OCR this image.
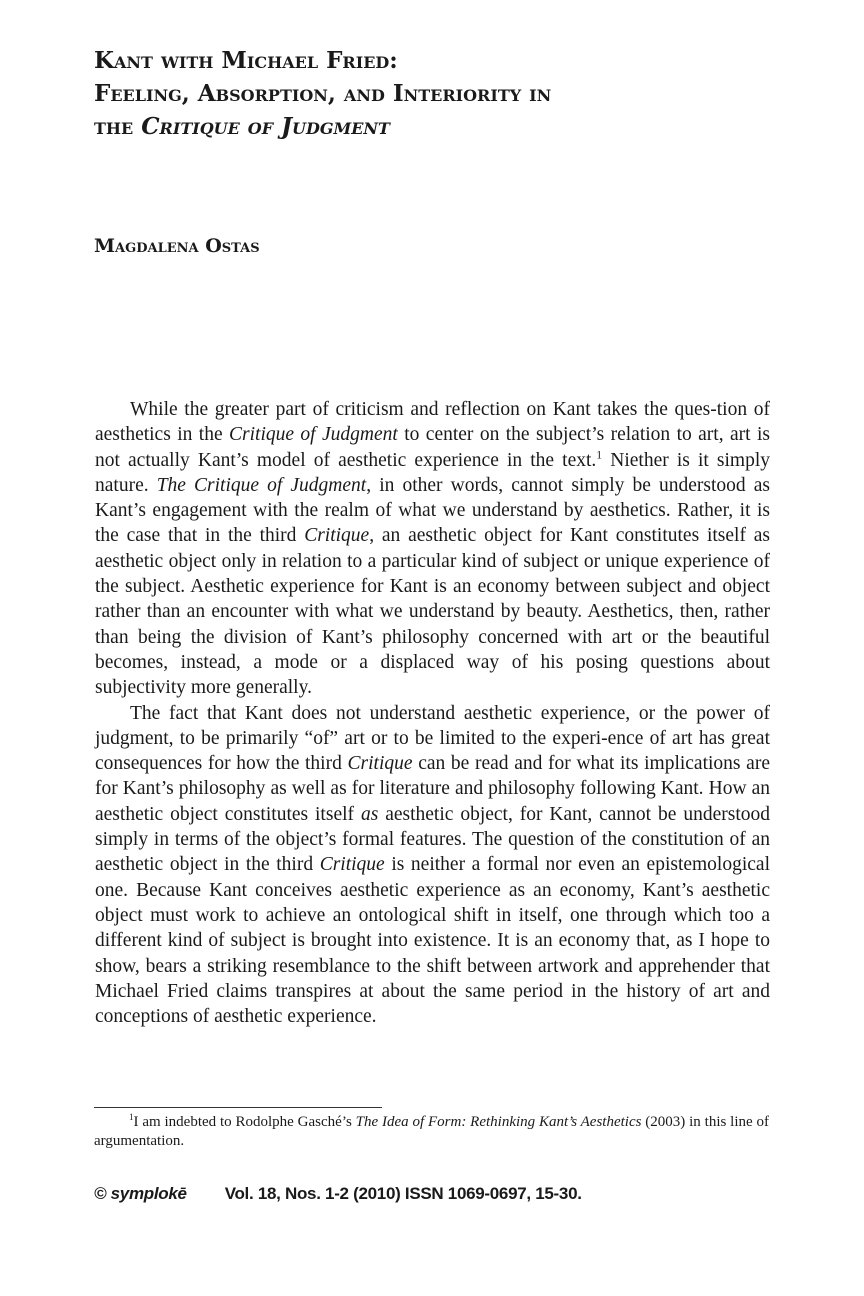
Kant with Michael Fried:
Feeling, Absorption, and Interiority in
the Critique of Judgment
Magdalena Ostas

While the greater part of criticism and reflection on Kant takes the ques-tion of aesthetics in the Critique of Judgment to center on the subject’s relation to art, art is not actually Kant’s model of aesthetic experience in the text.$^1$ Niether is it simply nature. The Critique of Judgment, in other words, cannot simply be understood as Kant’s engagement with the realm of what we understand by aesthetics. Rather, it is the case that in the third Critique, an aesthetic object for Kant constitutes itself as aesthetic object only in relation to a particular kind of subject or unique experience of the subject. Aesthetic experience for Kant is an economy between subject and object rather than an encounter with what we understand by beauty. Aesthetics, then, rather than being the division of Kant’s philosophy concerned with art or the beautiful becomes, instead, a mode or a displaced way of his posing questions about subjectivity more generally.

The fact that Kant does not understand aesthetic experience, or the power of judgment, to be primarily “of” art or to be limited to the experi-ence of art has great consequences for how the third Critique can be read and for what its implications are for Kant’s philosophy as well as for literature and philosophy following Kant. How an aesthetic object constitutes itself as aesthetic object, for Kant, cannot be understood simply in terms of the object’s formal features. The question of the constitution of an aesthetic object in the third Critique is neither a formal nor even an epistemological one. Because Kant conceives aesthetic experience as an economy, Kant’s aesthetic object must work to achieve an ontological shift in itself, one through which too a different kind of subject is brought into existence. It is an economy that, as I hope to show, bears a striking resemblance to the shift between artwork and apprehender that Michael Fried claims transpires at about the same period in the history of art and conceptions of aesthetic experience.

$^1$I am indebted to Rodolphe Gasché’s The Idea of Form: Rethinking Kant’s Aesthetics (2003) in this line of argumentation.
© symplokē Vol. 18, Nos. 1-2 (2010) ISSN 1069-0697, 15-30.
